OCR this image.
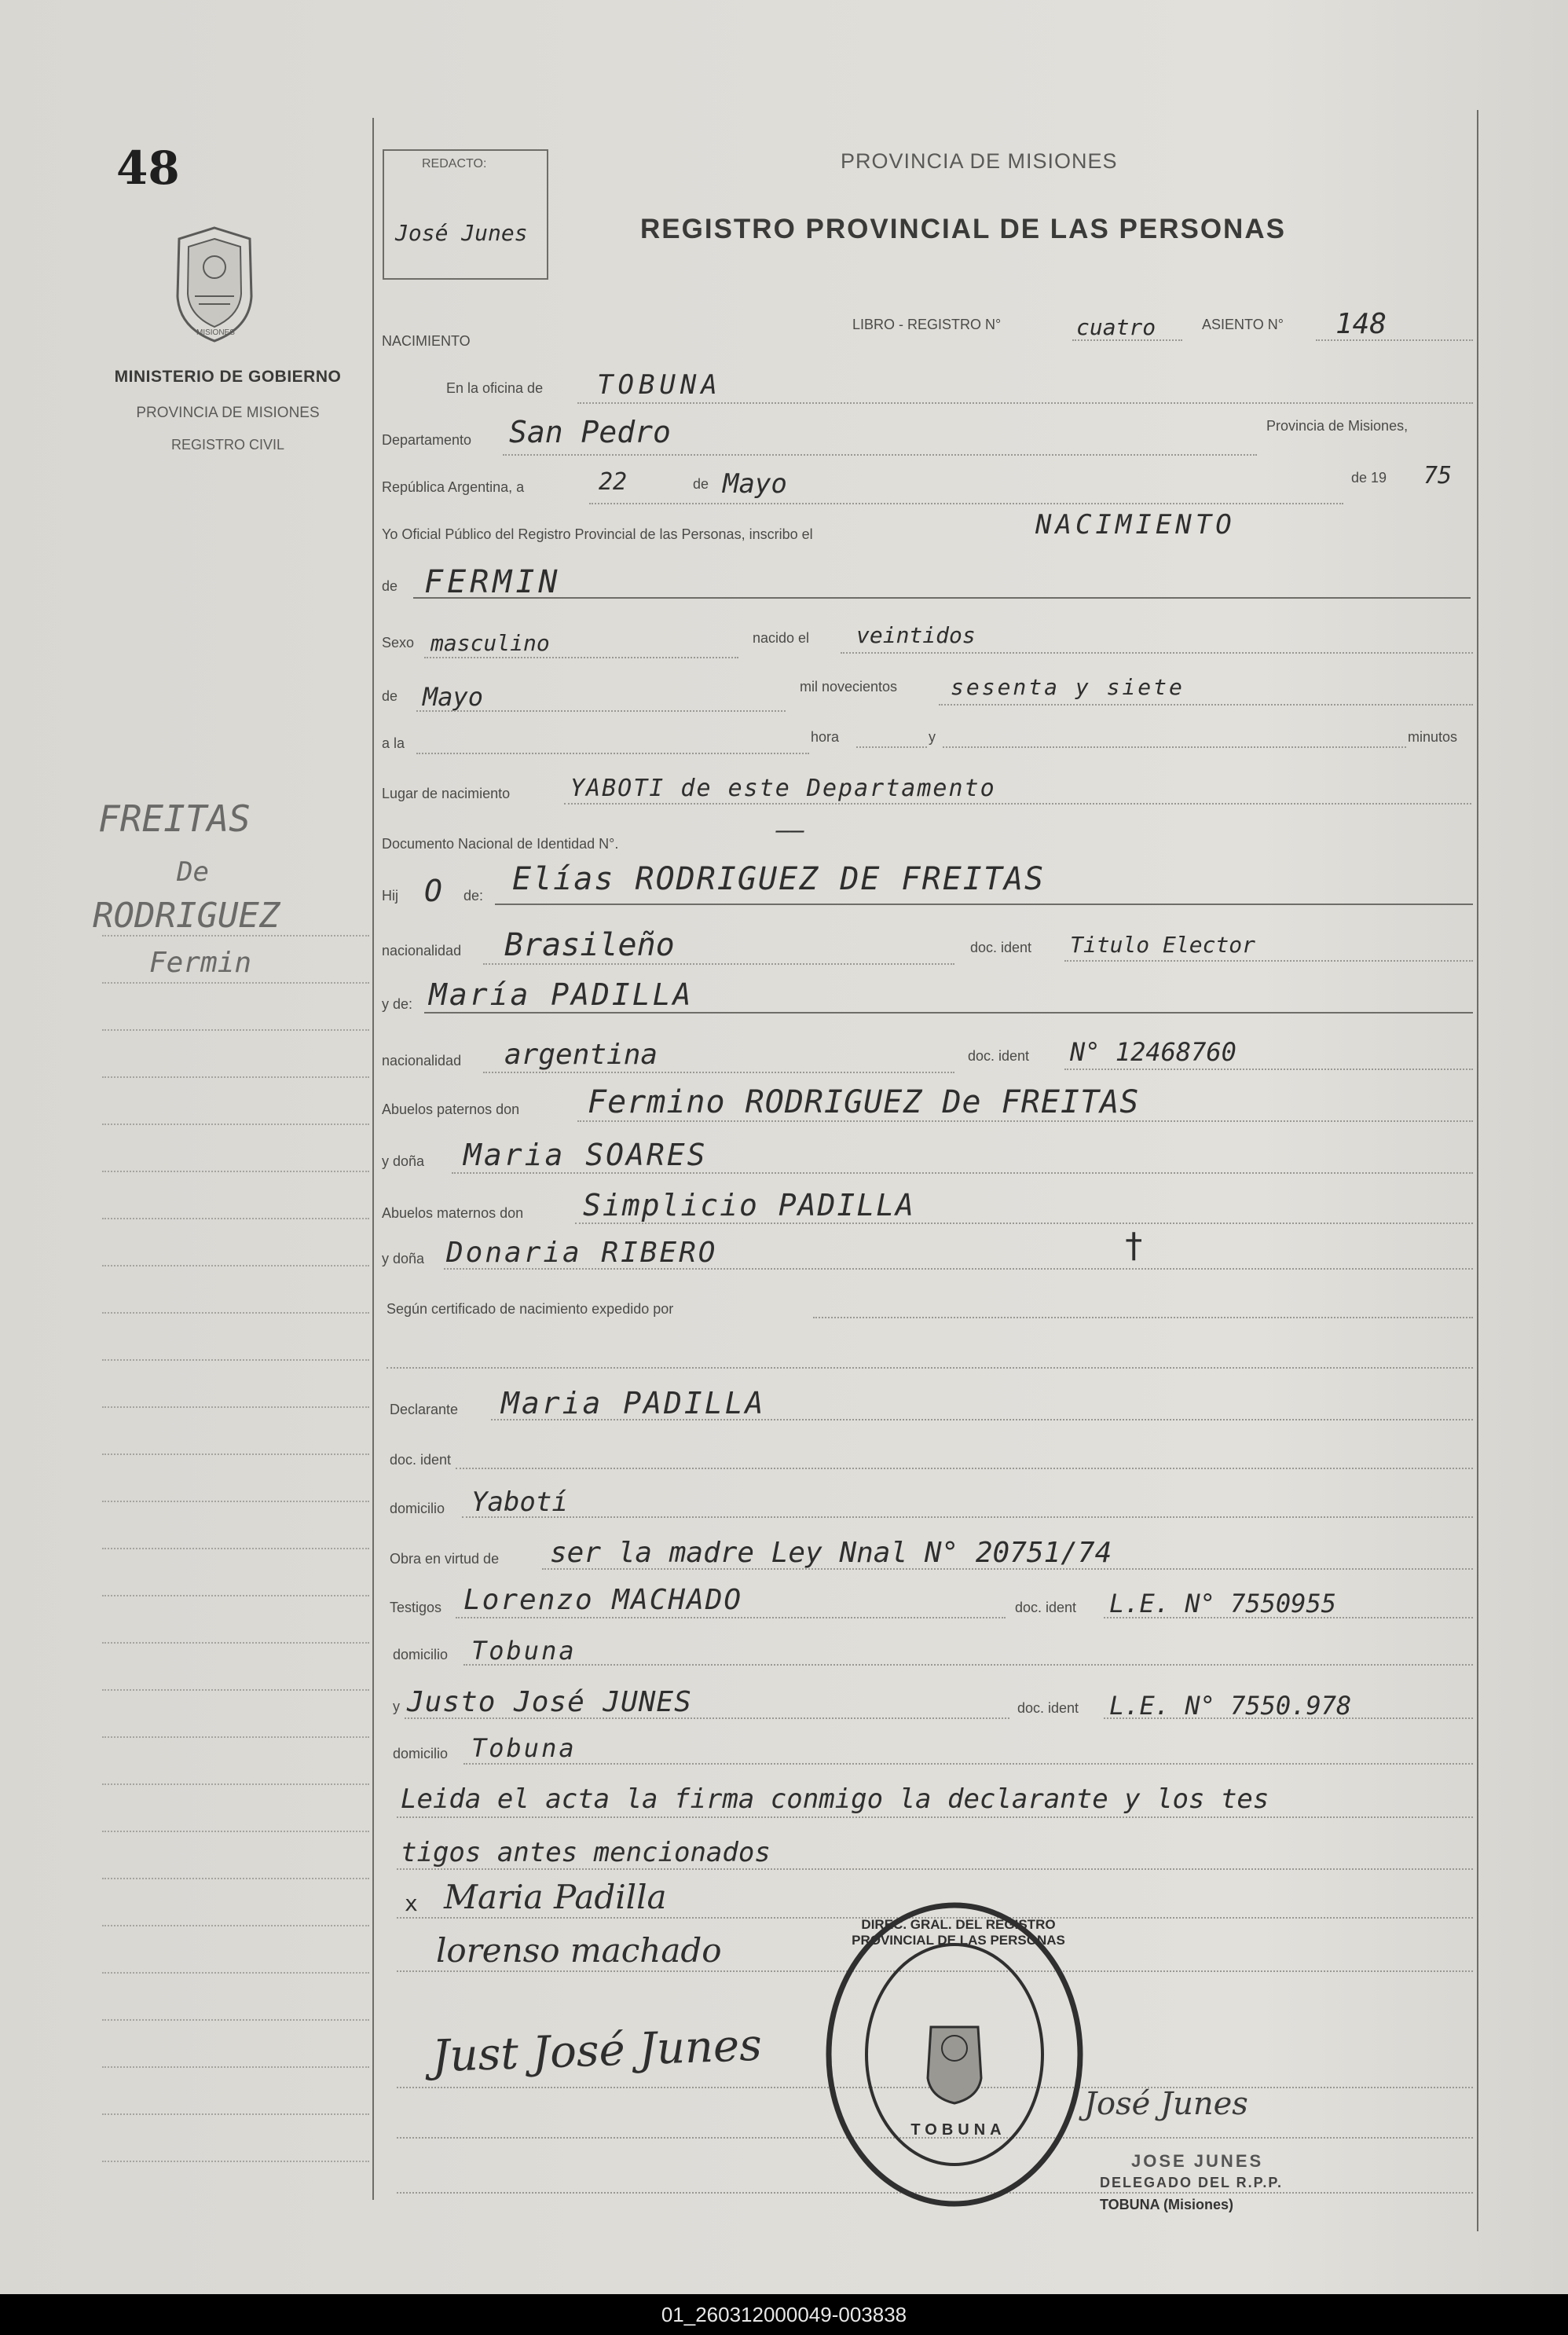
48
MISIONES
MINISTERIO DE GOBIERNO
PROVINCIA DE MISIONES
REGISTRO CIVIL
FREITAS
De
RODRIGUEZ
Fermin
REDACTO:
José Junes
PROVINCIA DE MISIONES
REGISTRO PROVINCIAL DE LAS PERSONAS
NACIMIENTO
LIBRO - REGISTRO N°	cuatro	ASIENTO N° 148
En la oficina de TOBUNA
Departamento San Pedro	Provincia de Misiones,
República Argentina, a	22	de Mayo	de 19 75
Yo Oficial Público del Registro Provincial de las Personas, inscribo el	NACIMIENTO
de FERMIN
Sexo masculino	nacido el veintidos
de Mayo	mil novecientos sesenta y siete
a la	hora	y	minutos
Lugar de nacimiento	YABOTI de este Departamento
Documento Nacional de Identidad N°.	——
Hij O de: Elías RODRIGUEZ DE FREITAS
nacionalidad Brasileño	doc. ident Titulo Elector
y de: María PADILLA
nacionalidad argentina	doc. ident N° 12468760
Abuelos paternos don Fermino RODRIGUEZ De FREITAS
y doña Maria SOARES
Abuelos maternos don Simplicio PADILLA
y doña Donaria RIBERO	†
Según certificado de nacimiento expedido por
Declarante Maria PADILLA
doc. ident
domicilio Yabotí
Obra en virtud de ser la madre Ley Nnal N° 20751/74
Testigos Lorenzo MACHADO	doc. ident L.E. N° 7550955
domicilio Tobuna
y Justo José JUNES	doc. ident L.E. N° 7550.978
domicilio Tobuna
Leida el acta la firma conmigo la declarante y los tes
tigos antes mencionados
x Maria Padilla
lorenso machado
Just José Junes
DIREC. GRAL. DEL REGISTRO PROVINCIAL DE LAS PERSONAS
TOBUNA
José Junes
JOSE JUNES
DELEGADO DEL R.P.P.
TOBUNA (Misiones)
01_260312000049-003838
